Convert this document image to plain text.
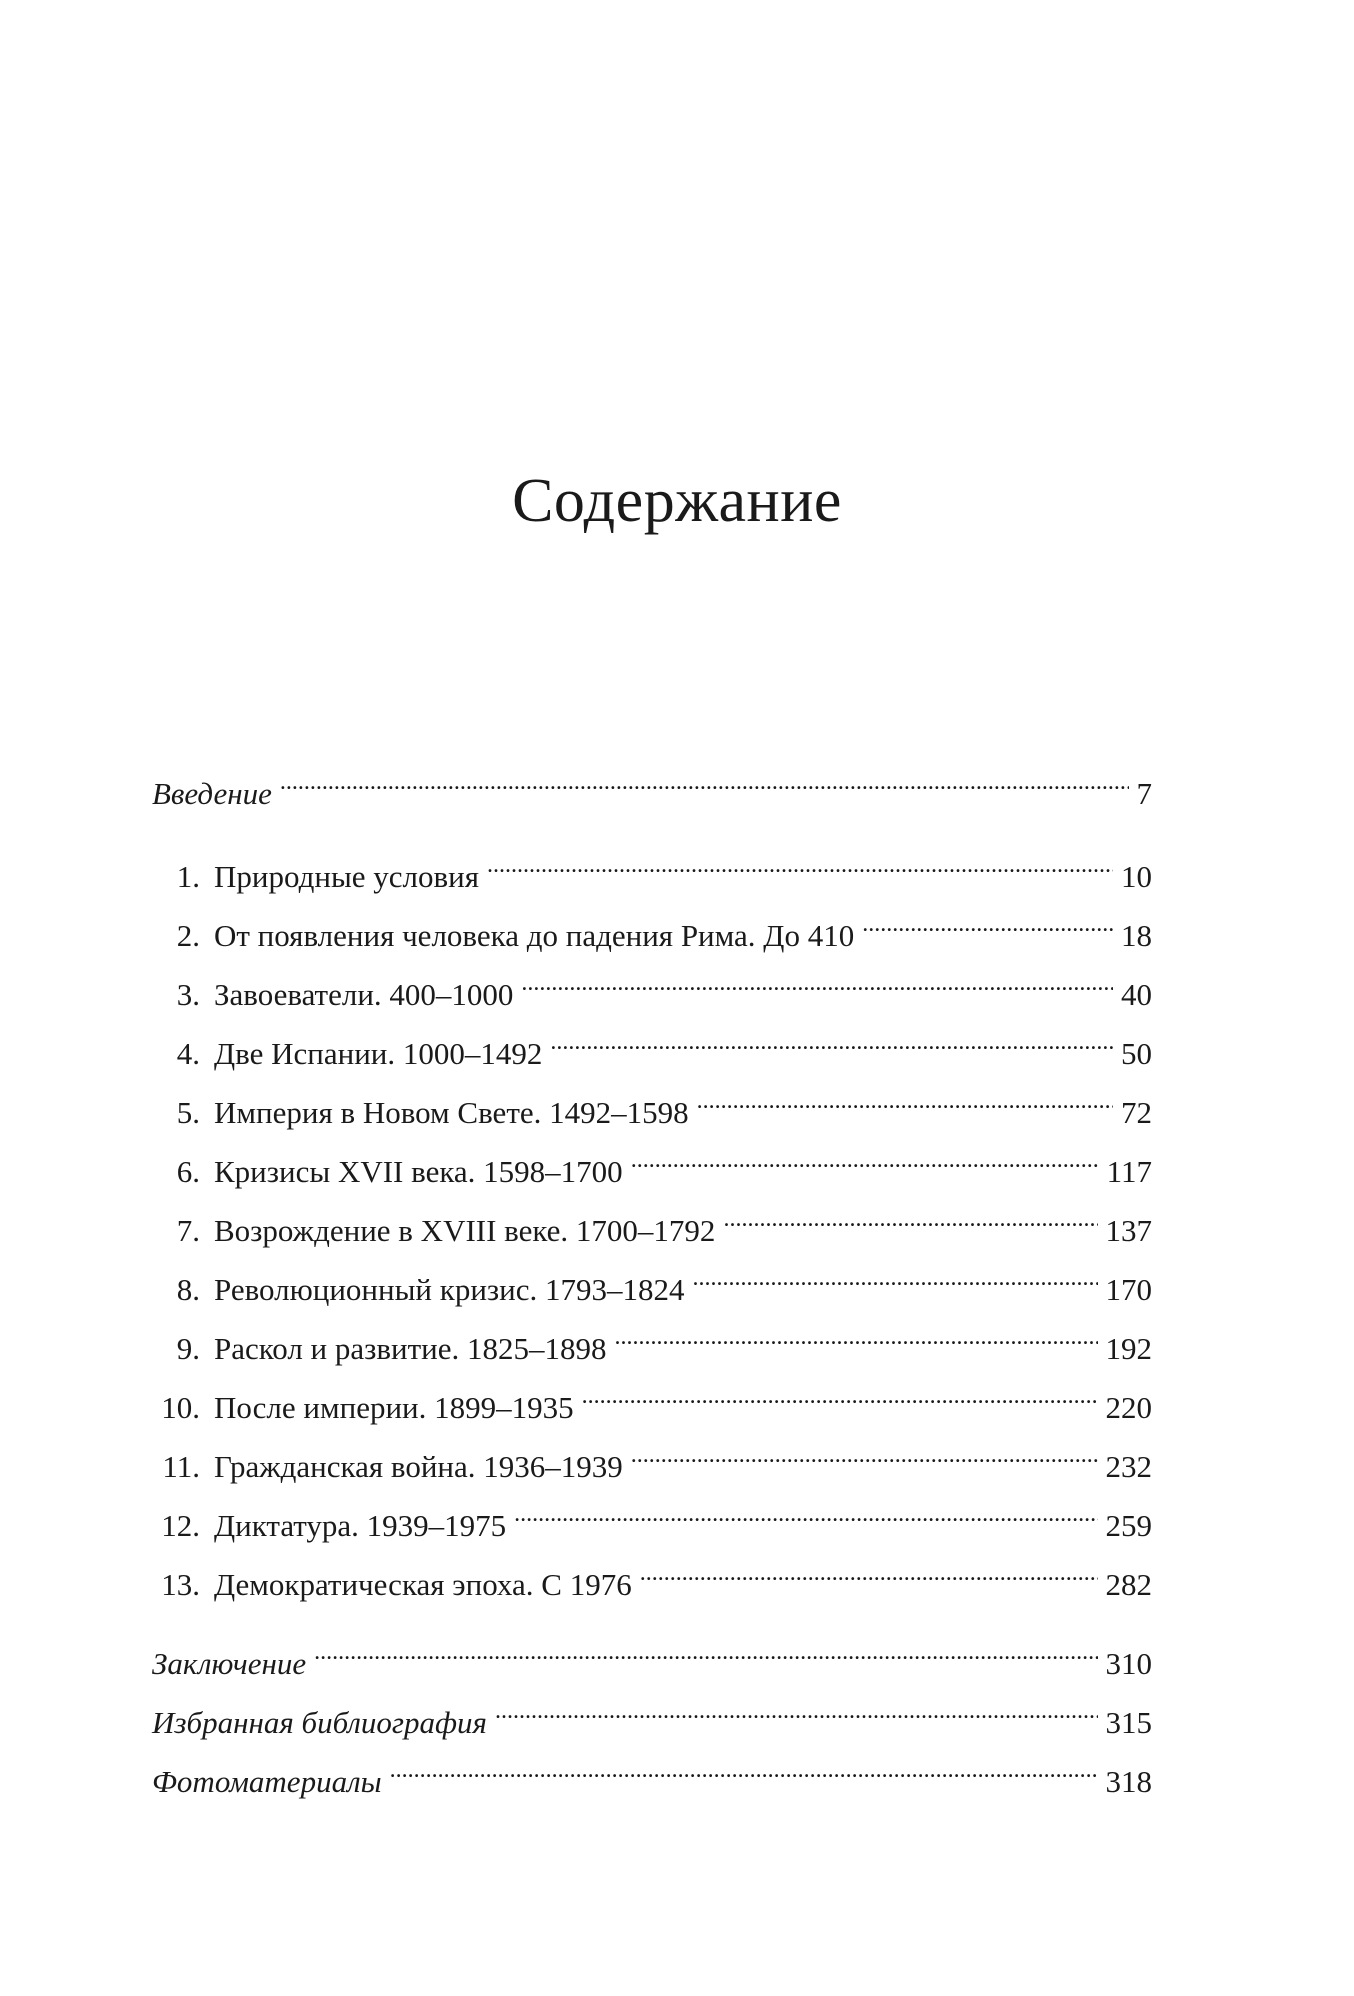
Содержание
Введение . . .	7
1. Природные условия . . .	10
2. От появления человека до падения Рима. До 410 . . .	18
3. Завоеватели. 400–1000 . . .	40
4. Две Испании. 1000–1492 . . .	50
5. Империя в Новом Свете. 1492–1598 . . .	72
6. Кризисы XVII века. 1598–1700 . . .	117
7. Возрождение в XVIII веке. 1700–1792 . . .	137
8. Революционный кризис. 1793–1824 . . .	170
9. Раскол и развитие. 1825–1898 . . .	192
10. После империи. 1899–1935 . . .	220
11. Гражданская война. 1936–1939 . . .	232
12. Диктатура. 1939–1975 . . .	259
13. Демократическая эпоха. С 1976 . . .	282
Заключение . . .	310
Избранная библиография . . .	315
Фотоматериалы . . .	318
